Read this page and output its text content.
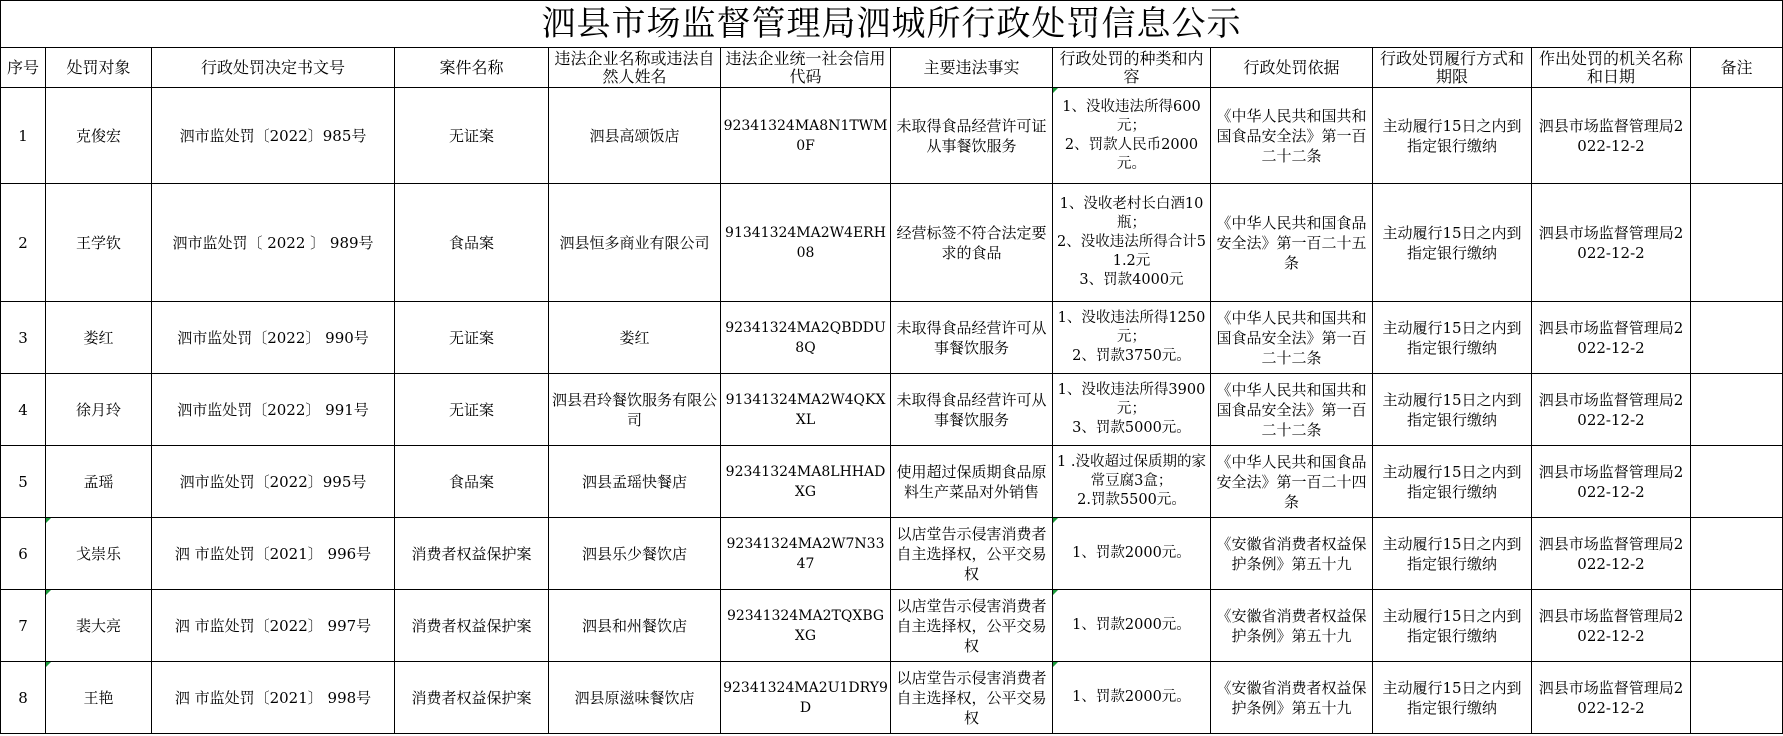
泗县市场监督管理局泗城所行政处罚信息公示											
序号	处罚对象	行政处罚决定书文号	案件名称	违法企业名称或违法自然人姓名	违法企业统一社会信用代码	主要违法事实	行政处罚的种类和内容	行政处罚依据	行政处罚履行方式和期限	作出处罚的机关名称和日期	备注
1	克俊宏	泗市监处罚〔2022〕985号	无证案	泗县高颂饭店	92341324MA8N1TWM0F	未取得食品经营许可证从事餐饮服务	1、没收违法所得600元；
2、罚款人民币2000元。	《中华人民共和国共和国食品安全法》第一百二十二条	主动履行15日之内到指定银行缴纳	泗县市场监督管理局2022-12-2	
2	王学钦	泗市监处罚〔 2022 〕 989号	食品案	泗县恒多商业有限公司	91341324MA2W4ERH08	经营标签不符合法定要求的食品	1、没收老村长白酒10瓶；
2、没收违法所得合计51.2元
3、罚款4000元	《中华人民共和国食品安全法》第一百二十五条	主动履行15日之内到指定银行缴纳	泗县市场监督管理局2022-12-2	
3	娄红	泗市监处罚〔2022〕 990号	无证案	娄红	92341324MA2QBDDU8Q	未取得食品经营许可从事餐饮服务	1、没收违法所得1250元；
2、罚款3750元。	《中华人民共和国共和国食品安全法》第一百二十二条	主动履行15日之内到指定银行缴纳	泗县市场监督管理局2022-12-2	
4	徐月玲	泗市监处罚〔2022〕 991号	无证案	泗县君玲餐饮服务有限公司	91341324MA2W4QKXXL	未取得食品经营许可从事餐饮服务	1、没收违法所得3900元；
3、罚款5000元。	《中华人民共和国共和国食品安全法》第一百二十二条	主动履行15日之内到指定银行缴纳	泗县市场监督管理局2022-12-2	
5	孟瑶	泗市监处罚〔2022〕995号	食品案	泗县孟瑶快餐店	92341324MA8LHHADXG	使用超过保质期食品原料生产菜品对外销售	1 .没收超过保质期的家常豆腐3盒；
2.罚款5500元。	《中华人民共和国食品安全法》第一百二十四条	主动履行15日之内到指定银行缴纳	泗县市场监督管理局2022-12-2	
6	戈崇乐	泗 市监处罚〔2021〕 996号	消费者权益保护案	泗县乐少餐饮店	92341324MA2W7N3347	以店堂告示侵害消费者自主选择权，公平交易权	1、罚款2000元。	《安徽省消费者权益保护条例》第五十九	主动履行15日之内到指定银行缴纳	泗县市场监督管理局2022-12-2	
7	裴大亮	泗 市监处罚〔2022〕 997号	消费者权益保护案	泗县和州餐饮店	92341324MA2TQXBGXG	以店堂告示侵害消费者自主选择权，公平交易权	1、罚款2000元。	《安徽省消费者权益保护条例》第五十九	主动履行15日之内到指定银行缴纳	泗县市场监督管理局2022-12-2	
8	王艳	泗 市监处罚〔2021〕 998号	消费者权益保护案	泗县原滋味餐饮店	92341324MA2U1DRY9D	以店堂告示侵害消费者自主选择权，公平交易权	1、罚款2000元。	《安徽省消费者权益保护条例》第五十九	主动履行15日之内到指定银行缴纳	泗县市场监督管理局2022-12-2	
